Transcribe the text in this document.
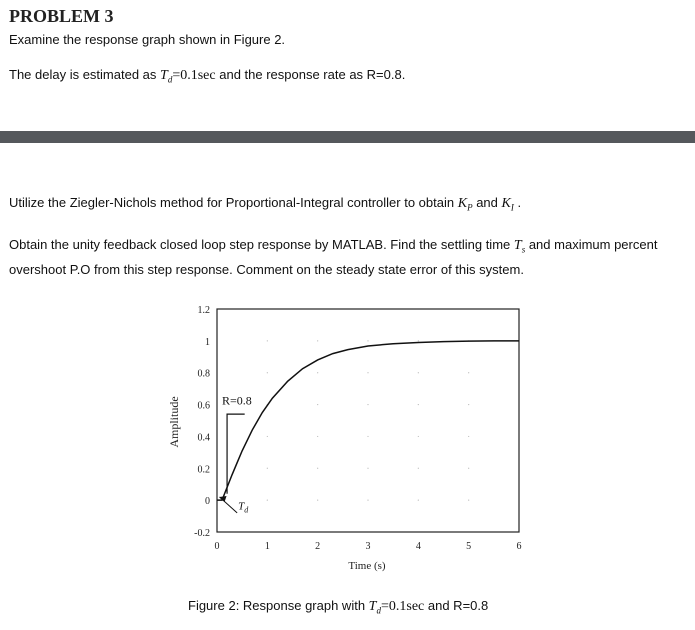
PROBLEM 3
Examine the response graph shown in Figure 2.
The delay is estimated as $T_d=0.1\sec$ and the response rate as R=0.8.
Utilize the Ziegler-Nichols method for Proportional-Integral controller to obtain $K_P$ and $K_I$ .
Obtain the unity feedback closed loop step response by MATLAB. Find the settling time $T_s$ and maximum percent
overshoot P.O from this step response. Comment on the steady state error of this system.
0	1	2	3	4	5	6
1.2
1
0.8
0.6
0.4
0.2
0
-0.2
Time (s)
Amplitude	R=0.8
$T_d$
Figure 2: Response graph with $T_d=0.1\sec$ and R=0.8
